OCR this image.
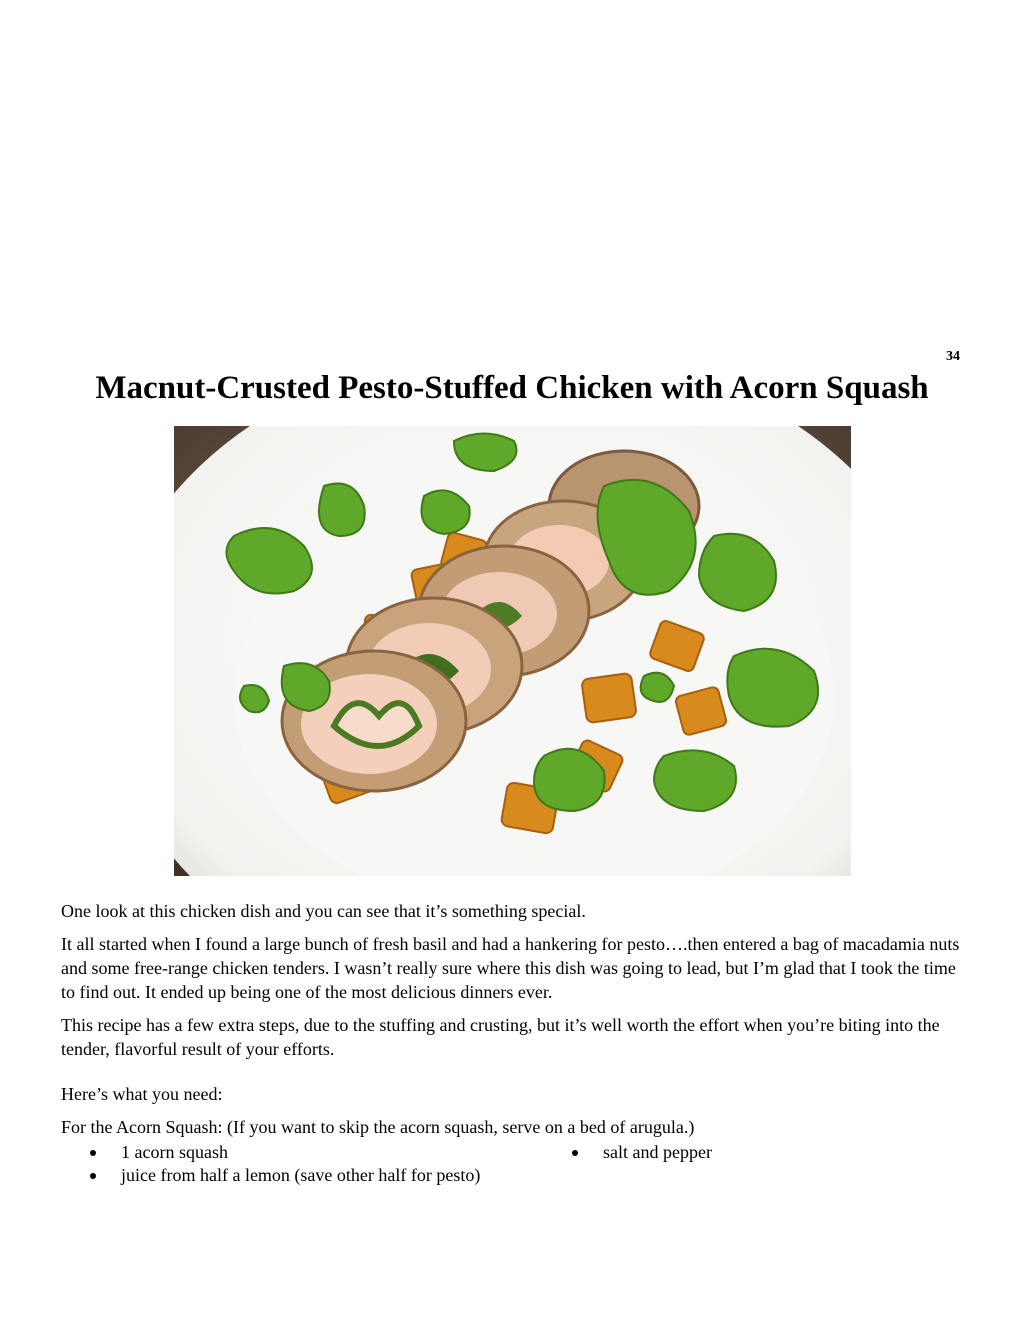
34
Macnut-Crusted Pesto-Stuffed Chicken with Acorn Squash

One look at this chicken dish and you can see that it’s something special.

It all started when I found a large bunch of fresh basil and had a hankering for pesto….then entered a bag of macadamia nuts and some free-range chicken tenders. I wasn’t really sure where this dish was going to lead, but I’m glad that I took the time to find out. It ended up being one of the most delicious dinners ever.

This recipe has a few extra steps, due to the stuffing and crusting, but it’s well worth the effort when you’re biting into the tender, flavorful result of your efforts.

Here’s what you need:

For the Acorn Squash: (If you want to skip the acorn squash, serve on a bed of arugula.)

1 acorn squash
juice from half a lemon (save other half for pesto)
salt and pepper
